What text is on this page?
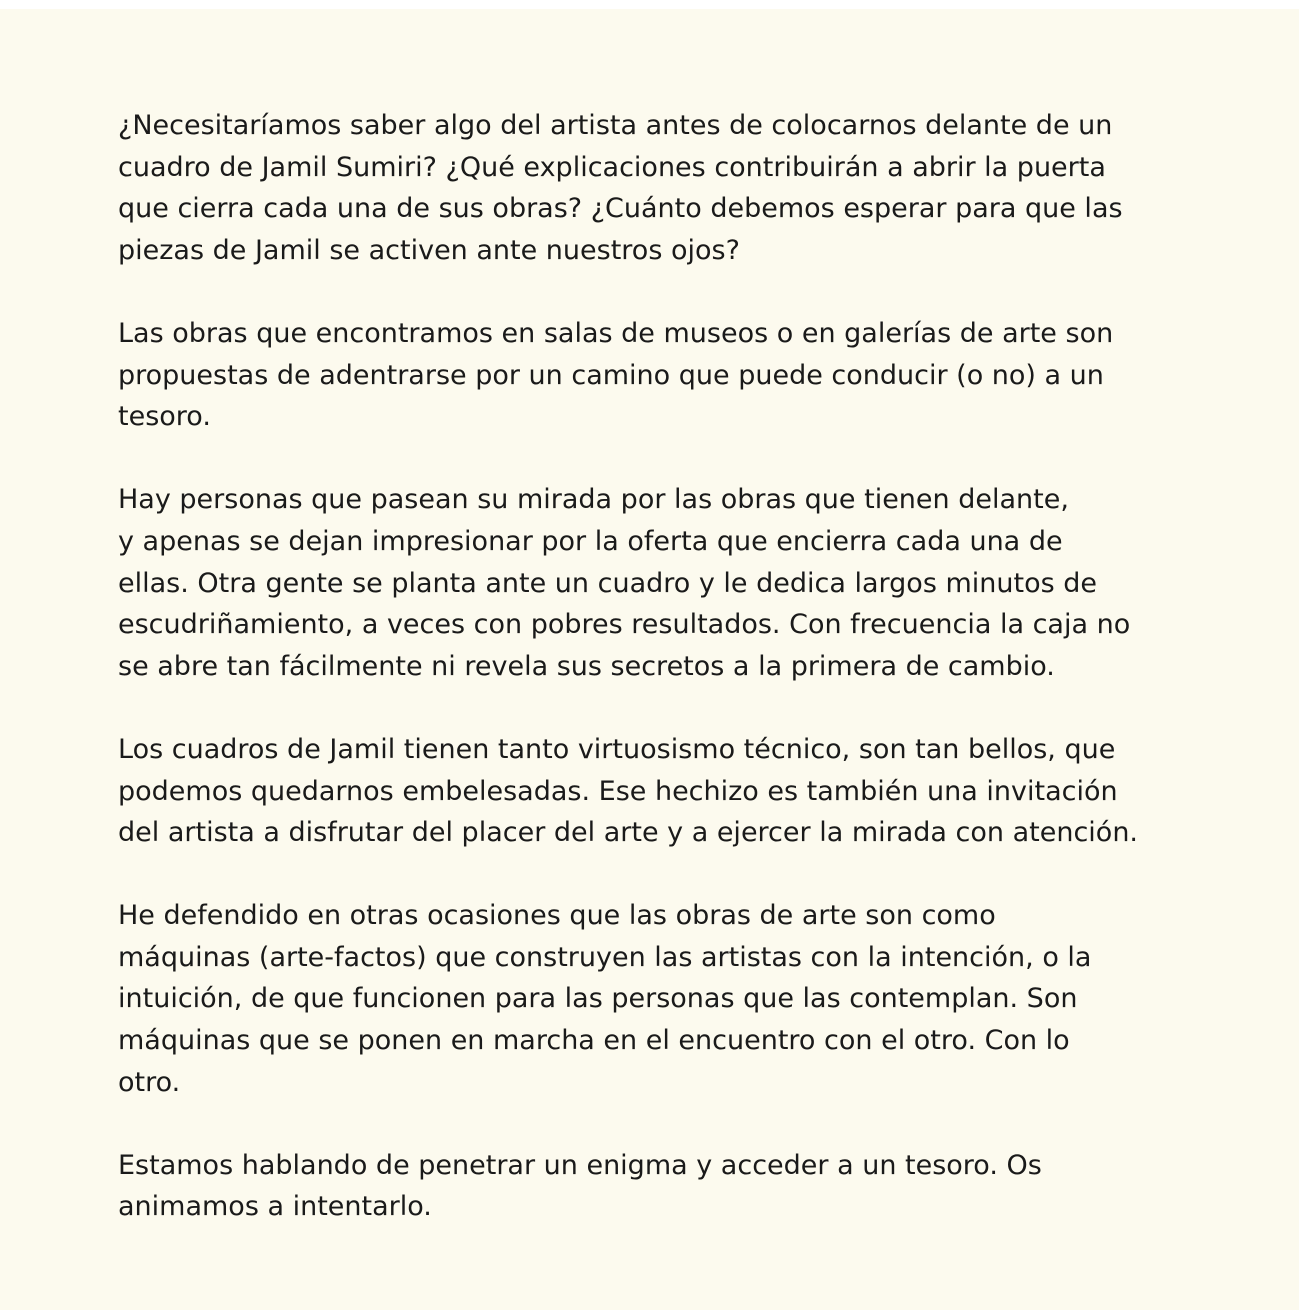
¿Necesitaríamos saber algo del artista antes de colocarnos delante de un
cuadro de Jamil Sumiri? ¿Qué explicaciones contribuirán a abrir la puerta
que cierra cada una de sus obras? ¿Cuánto debemos esperar para que las
piezas de Jamil se activen ante nuestros ojos?

Las obras que encontramos en salas de museos o en galerías de arte son
propuestas de adentrarse por un camino que puede conducir (o no) a un
tesoro.

Hay personas que pasean su mirada por las obras que tienen delante,
y apenas se dejan impresionar por la oferta que encierra cada una de
ellas. Otra gente se planta ante un cuadro y le dedica largos minutos de
escudriñamiento, a veces con pobres resultados. Con frecuencia la caja no
se abre tan fácilmente ni revela sus secretos a la primera de cambio.

Los cuadros de Jamil tienen tanto virtuosismo técnico, son tan bellos, que
podemos quedarnos embelesadas. Ese hechizo es también una invitación
del artista a disfrutar del placer del arte y a ejercer la mirada con atención.

He defendido en otras ocasiones que las obras de arte son como
máquinas (arte-factos) que construyen las artistas con la intención, o la
intuición, de que funcionen para las personas que las contemplan. Son
máquinas que se ponen en marcha en el encuentro con el otro. Con lo
otro.

Estamos hablando de penetrar un enigma y acceder a un tesoro. Os
animamos a intentarlo.
